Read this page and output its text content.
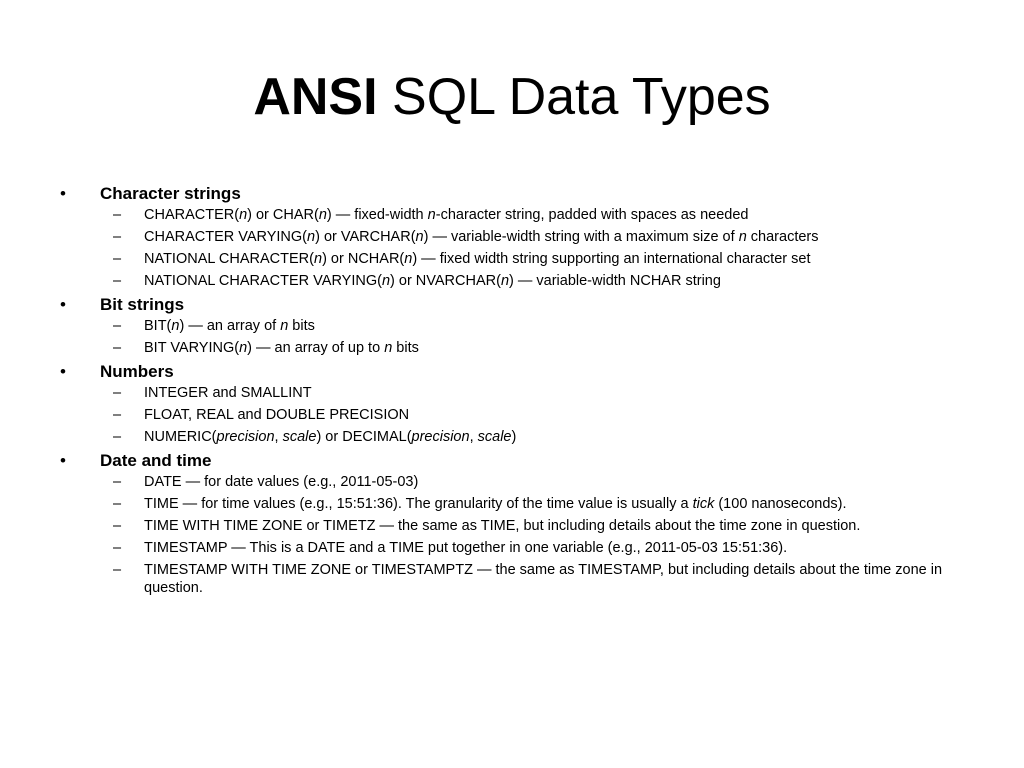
ANSI SQL Data Types
•	Character strings
– CHARACTER(n) or CHAR(n) — fixed-width n-character string, padded with spaces as needed
– CHARACTER VARYING(n) or VARCHAR(n) — variable-width string with a maximum size of n characters
– NATIONAL CHARACTER(n) or NCHAR(n) — fixed width string supporting an international character set
– NATIONAL CHARACTER VARYING(n) or NVARCHAR(n) — variable-width NCHAR string
•	Bit strings
– BIT(n) — an array of n bits
– BIT VARYING(n) — an array of up to n bits
•	Numbers
– INTEGER and SMALLINT
– FLOAT, REAL and DOUBLE PRECISION
– NUMERIC(precision, scale) or DECIMAL(precision, scale)
•	Date and time
– DATE — for date values (e.g., 2011-05-03)
– TIME — for time values (e.g., 15:51:36). The granularity of the time value is usually a tick (100 nanoseconds).
– TIME WITH TIME ZONE or TIMETZ — the same as TIME, but including details about the time zone in question.
– TIMESTAMP — This is a DATE and a TIME put together in one variable (e.g., 2011-05-03 15:51:36).
– TIMESTAMP WITH TIME ZONE or TIMESTAMPTZ — the same as TIMESTAMP, but including details about the time zone in question.
